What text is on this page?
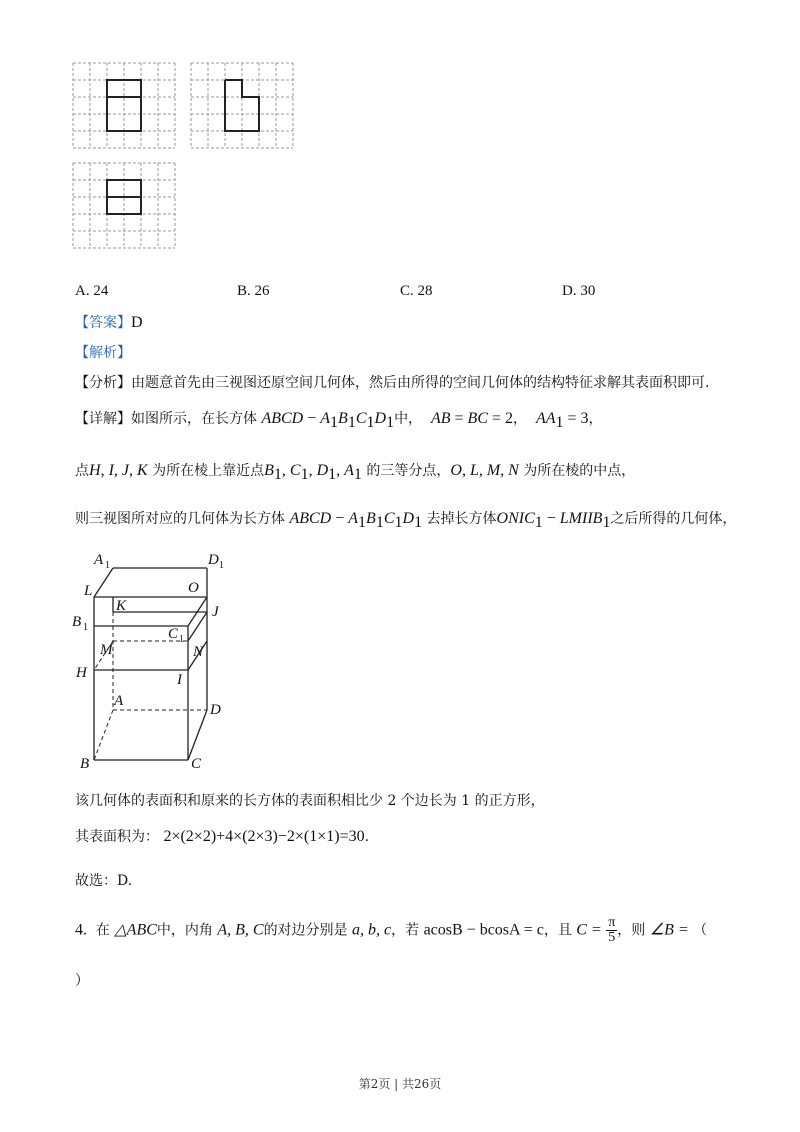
A. 24	B. 26	C. 28	D. 30
【答案】D
【解析】
【分析】由题意首先由三视图还原空间几何体，然后由所得的空间几何体的结构特征求解其表面积即可.
【详解】如图所示，在长方体 ABCD − $A_1B_1C_1D_1$中， AB = BC = 2， $AA_1 = 3$，
点H, I, J, K 为所在棱上靠近点$B_1$, $C_1$, $D_1$, $A_1$ 的三等分点，O, L, M, N 为所在棱的中点，
则三视图所对应的几何体为长方体 ABCD − $A_1B_1C_1D_1$ 去掉长方体$ONIC_1$ − $LMIIB_1$之后所得的几何体，
A 1	D 1
L	O
K	J
B 1	C 1
M	N
H	I
A
D
B	C
该几何体的表面积和原来的长方体的表面积相比少 2 个边长为 1 的正方形，
其表面积为： 2×(2×2)+4×(2×3)−2×(1×1)=30.
故选：D.
4. 在 △ABC中，内角 A, B, C的对边分别是 a, b, c，若 acosB − bcosA = c，且 $C = \frac{\pi}{5}$ ，则 ∠B = （
）
第2页 | 共26页
